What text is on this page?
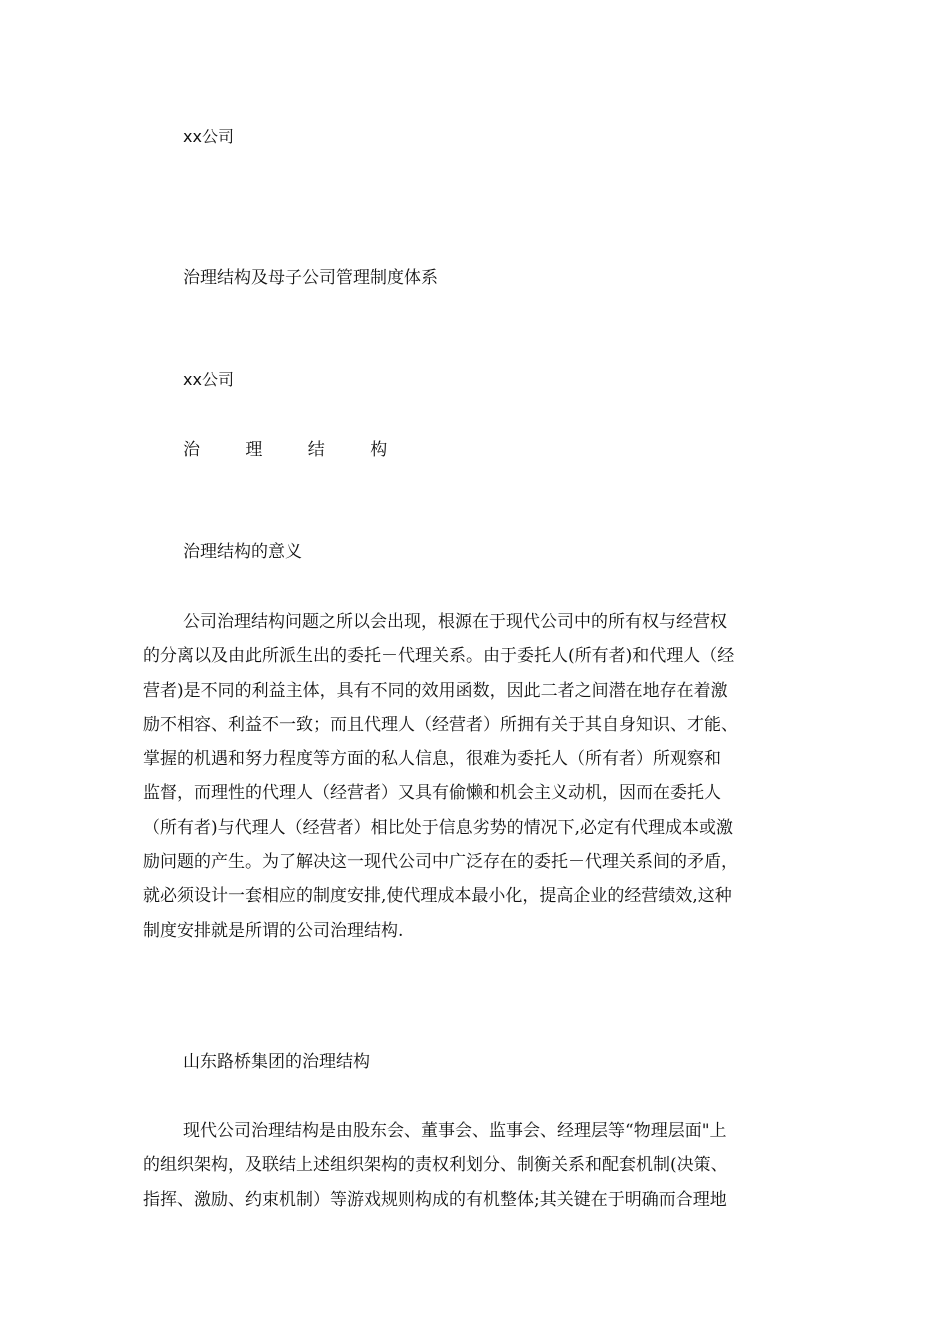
xx公司
治理结构及母子公司管理制度体系
xx公司
治 理 结 构
治理结构的意义
公司治理结构问题之所以会出现，根源在于现代公司中的所有权与经营权
的分离以及由此所派生出的委托－代理关系。由于委托人(所有者)和代理人（经
营者)是不同的利益主体，具有不同的效用函数，因此二者之间潜在地存在着激
励不相容、利益不一致；而且代理人（经营者）所拥有关于其自身知识、才能、
掌握的机遇和努力程度等方面的私人信息，很难为委托人（所有者）所观察和
监督，而理性的代理人（经营者）又具有偷懒和机会主义动机，因而在委托人
（所有者)与代理人（经营者）相比处于信息劣势的情况下,必定有代理成本或激
励问题的产生。为了解决这一现代公司中广泛存在的委托－代理关系间的矛盾，
就必须设计一套相应的制度安排,使代理成本最小化，提高企业的经营绩效,这种
制度安排就是所谓的公司治理结构.
山东路桥集团的治理结构
现代公司治理结构是由股东会、董事会、监事会、经理层等“物理层面"上
的组织架构，及联结上述组织架构的责权利划分、制衡关系和配套机制(决策、
指挥、激励、约束机制）等游戏规则构成的有机整体;其关键在于明确而合理地
